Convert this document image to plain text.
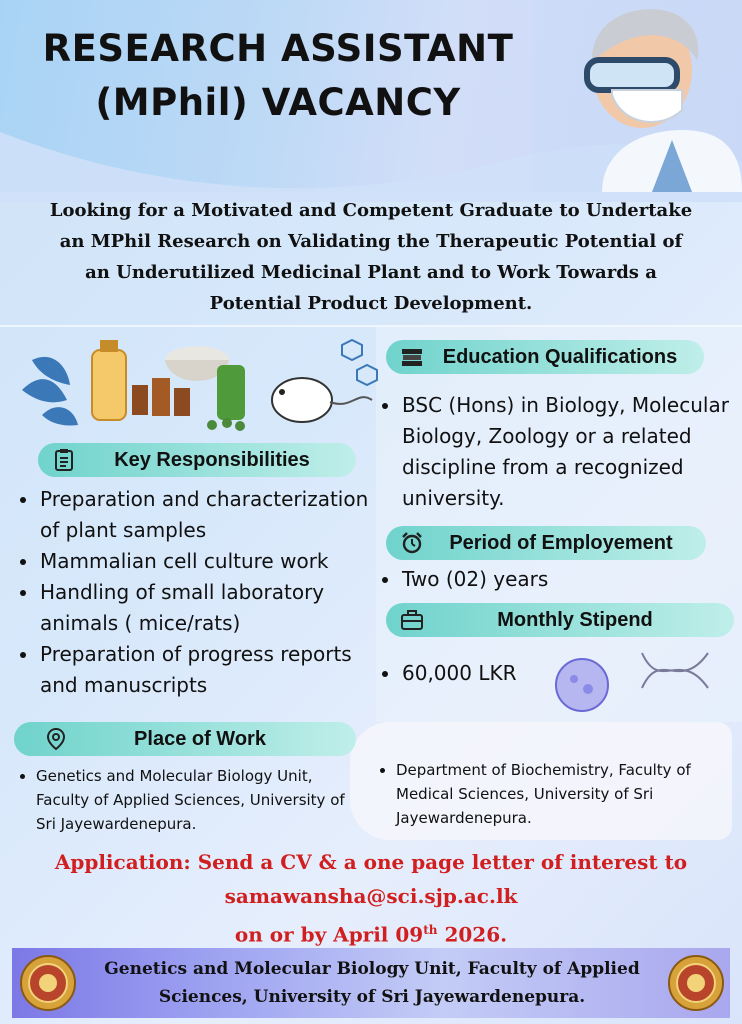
RESEARCH ASSISTANT
(MPhil) VACANCY
Looking for a Motivated and Competent Graduate to Undertake
an MPhil Research on Validating the Therapeutic Potential of
an Underutilized Medicinal Plant and to Work Towards a
Potential Product Development.
Education Qualifications
BSC (Hons) in Biology, Molecular Biology, Zoology or a related discipline from a recognized university.
Key Responsibilities
Preparation and characterization of plant samples
Mammalian cell culture work
Handling of small laboratory animals ( mice/rats)
Preparation of progress reports and manuscripts
Period of Employement
Two (02) years
Monthly Stipend
60,000 LKR
Place of Work
Genetics and Molecular Biology Unit, Faculty of Applied Sciences, University of Sri Jayewardenepura.
Department of Biochemistry, Faculty of Medical Sciences, University of Sri Jayewardenepura.
Application: Send a CV & a one page letter of interest to
samawansha@sci.sjp.ac.lk
on or by April 09th 2026.
Genetics and Molecular Biology Unit, Faculty of Applied
Sciences, University of Sri Jayewardenepura.
